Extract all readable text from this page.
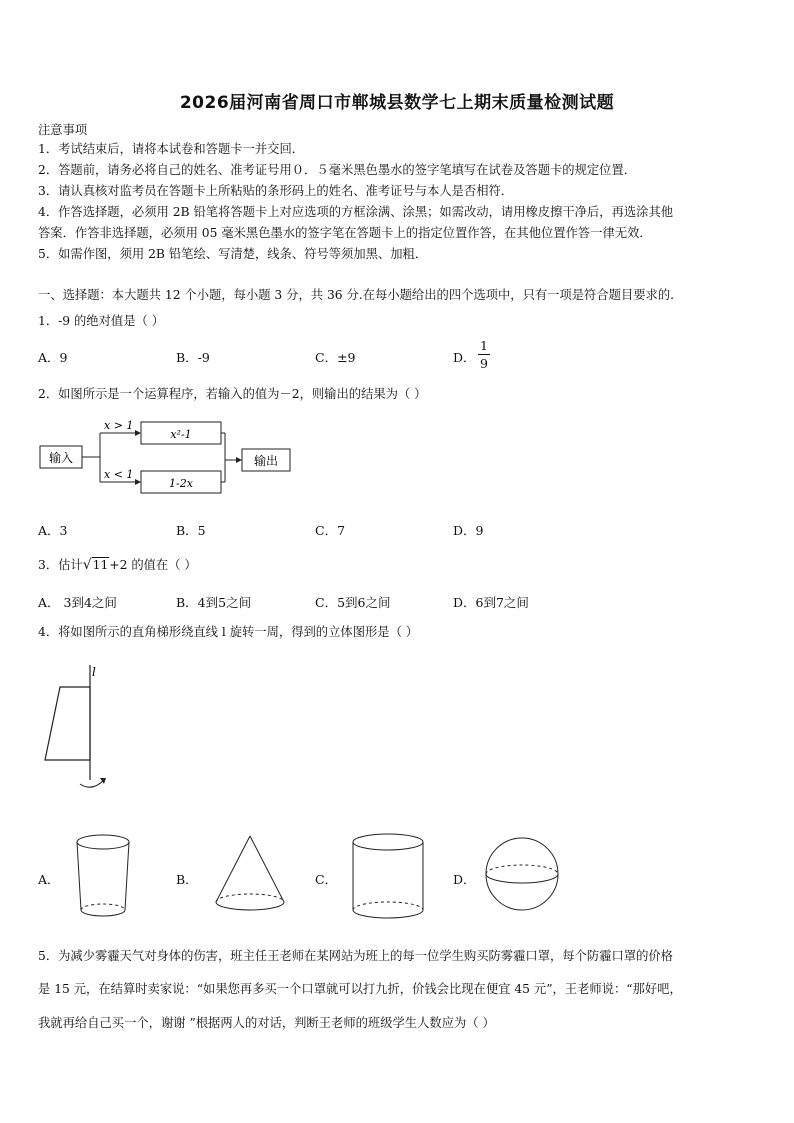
2026届河南省周口市郸城县数学七上期末质量检测试题
注意事项
1．考试结束后，请将本试卷和答题卡一并交回．
2．答题前，请务必将自己的姓名、准考证号用０．５毫米黑色墨水的签字笔填写在试卷及答题卡的规定位置．
3．请认真核对监考员在答题卡上所粘贴的条形码上的姓名、准考证号与本人是否相符．
4．作答选择题，必须用 2B 铅笔将答题卡上对应选项的方框涂满、涂黑；如需改动，请用橡皮擦干净后，再选涂其他
答案．作答非选择题，必须用 05 毫米黑色墨水的签字笔在答题卡上的指定位置作答，在其他位置作答一律无效．
5．如需作图，须用 2B 铅笔绘、写清楚，线条、符号等须加黑、加粗．
一、选择题：本大题共 12 个小题，每小题 3 分，共 36 分.在每小题给出的四个选项中，只有一项是符合题目要求的.
1．-9 的绝对值是（ ）
A．9	B．-9	C．±9	D．
1
9
2．如图所示是一个运算程序，若输入的值为－2，则输出的结果为（ ）
输入
x > 1
x < 1
x²-1
1-2x
输出
A．3	B．5	C．7	D．9
3．估计√11+2 的值在（ ）
A． 3到4之间	B．4到5之间	C．5到6之间	D．6到7之间
4．将如图所示的直角梯形绕直线 l 旋转一周，得到的立体图形是（ ）
l
A．	B．	C．	D．
5．为减少雾霾天气对身体的伤害，班主任王老师在某网站为班上的每一位学生购买防雾霾口罩，每个防霾口罩的价格
是 15 元，在结算时卖家说：“如果您再多买一个口罩就可以打九折，价钱会比现在便宜 45 元”，王老师说：“那好吧，
我就再给自己买一个，谢谢 ”根据两人的对话，判断王老师的班级学生人数应为（ ）
